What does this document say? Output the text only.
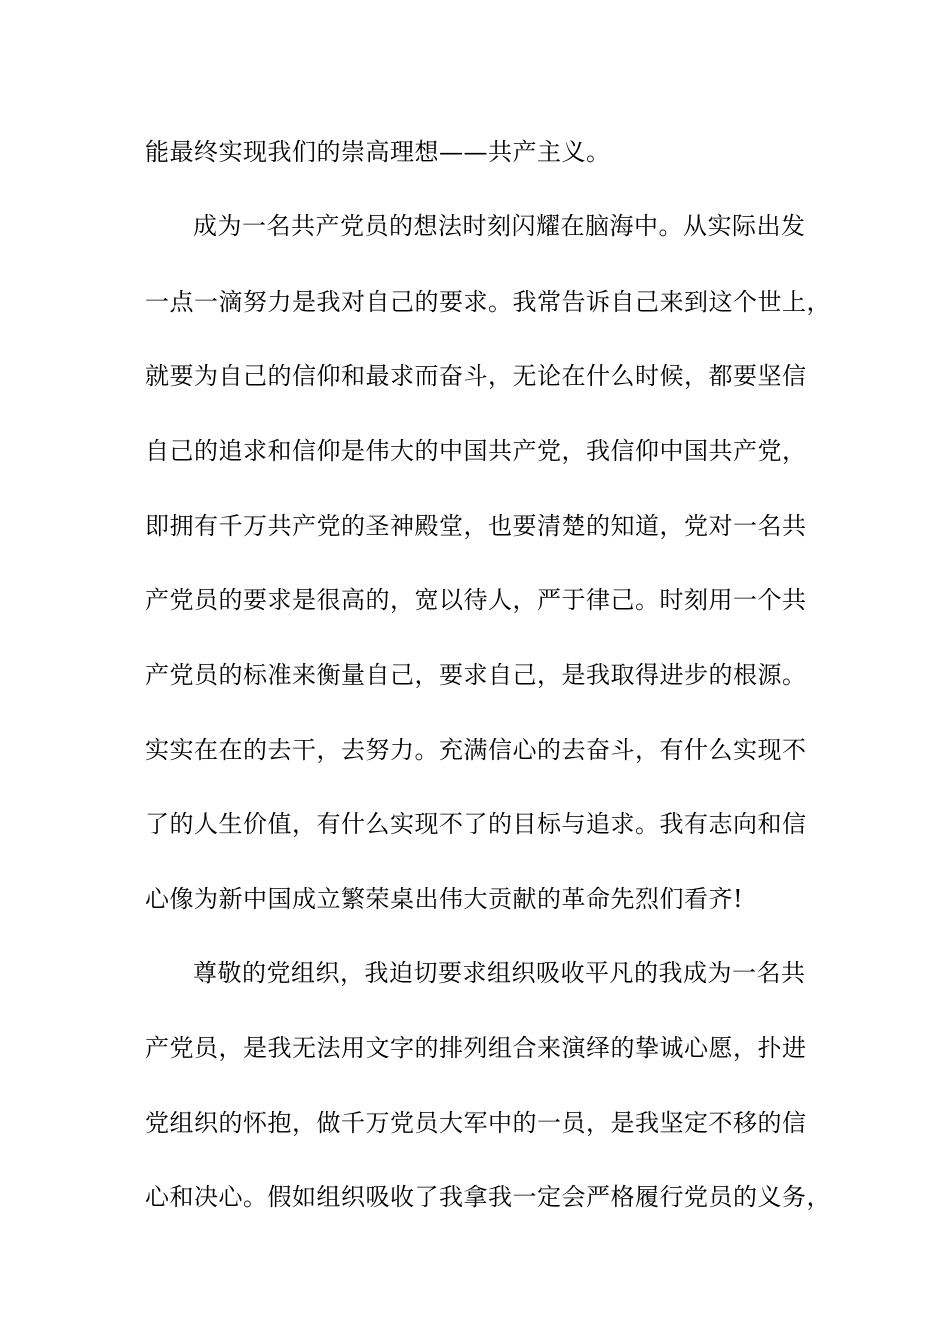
能最终实现我们的崇高理想——共产主义。
成为一名共产党员的想法时刻闪耀在脑海中。从实际出发
一点一滴努力是我对自己的要求。我常告诉自己来到这个世上，
就要为自己的信仰和最求而奋斗，无论在什么时候，都要坚信
自己的追求和信仰是伟大的中国共产党，我信仰中国共产党，
即拥有千万共产党的圣神殿堂，也要清楚的知道，党对一名共
产党员的要求是很高的，宽以待人，严于律己。时刻用一个共
产党员的标准来衡量自己，要求自己，是我取得进步的根源。
实实在在的去干，去努力。充满信心的去奋斗，有什么实现不
了的人生价值，有什么实现不了的目标与追求。我有志向和信
心像为新中国成立繁荣桌出伟大贡献的革命先烈们看齐!
尊敬的党组织，我迫切要求组织吸收平凡的我成为一名共
产党员，是我无法用文字的排列组合来演绎的挚诚心愿，扑进
党组织的怀抱，做千万党员大军中的一员，是我坚定不移的信
心和决心。假如组织吸收了我拿我一定会严格履行党员的义务，
